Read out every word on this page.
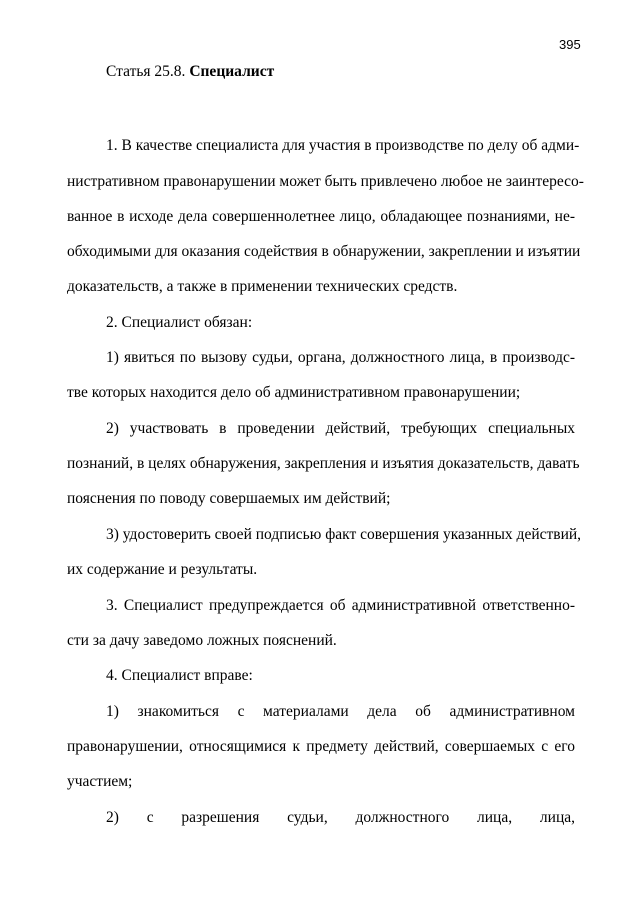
395
Статья 25.8. Специалист
1. В качестве специалиста для участия в производстве по делу об адми-
нистративном правонарушении может быть привлечено любое не заинтересо-
ванное в исходе дела совершеннолетнее лицо, обладающее познаниями, не-
обходимыми для оказания содействия в обнаружении, закреплении и изъятии
доказательств, а также в применении технических средств.
2. Специалист обязан:
1) явиться по вызову судьи, органа, должностного лица, в производс-
тве которых находится дело об административном правонарушении;
2) участвовать в проведении действий, требующих специальных
познаний, в целях обнаружения, закрепления и изъятия доказательств, давать
пояснения по поводу совершаемых им действий;
3) удостоверить своей подписью факт совершения указанных действий,
их содержание и результаты.
3. Специалист предупреждается об административной ответственно-
сти за дачу заведомо ложных пояснений.
4. Специалист вправе:
1) знакомиться с материалами дела об административном
правонарушении, относящимися к предмету действий, совершаемых с его
участием;
2) с разрешения судьи, должностного лица, лица,
